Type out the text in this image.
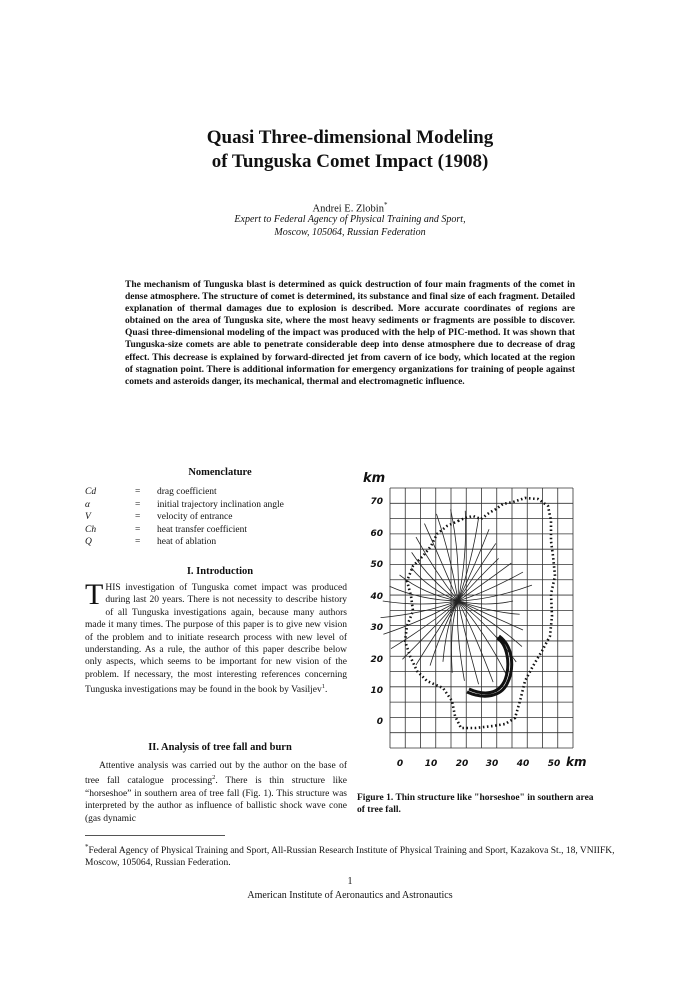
Quasi Three-dimensional Modeling
of Tunguska Comet Impact (1908)
Andrei E. Zlobin*
Expert to Federal Agency of Physical Training and Sport,
Moscow, 105064, Russian Federation
The mechanism of Tunguska blast is determined as quick destruction of four main fragments of the comet in dense atmosphere. The structure of comet is determined, its substance and final size of each fragment. Detailed explanation of thermal damages due to explosion is described. More accurate coordinates of regions are obtained on the area of Tunguska site, where the most heavy sediments or fragments are possible to discover. Quasi three-dimensional modeling of the impact was produced with the help of PIC-method. It was shown that Tunguska-size comets are able to penetrate considerable deep into dense atmosphere due to decrease of drag effect. This decrease is explained by forward-directed jet from cavern of ice body, which located at the region of stagnation point. There is additional information for emergency organizations for training of people against comets and asteroids danger, its mechanical, thermal and electromagnetic influence.
Nomenclature
Cd	=	drag coefficient
α	=	initial trajectory inclination angle
V	=	velocity of entrance
Ch	=	heat transfer coefficient
Q	=	heat of ablation
I. Introduction
THIS investigation of Tunguska comet impact was produced during last 20 years. There is not necessity to describe history of all Tunguska investigations again, because many authors made it many times. The purpose of this paper is to give new vision of the problem and to initiate research process with new level of understanding. As a rule, the author of this paper describe below only aspects, which seems to be important for new vision of the problem. If necessary, the most interesting references concerning Tunguska investigations may be found in the book by Vasiljev$^1$.
II. Analysis of tree fall and burn
Attentive analysis was carried out by the author on the base of tree fall catalogue processing$^2$. There is thin structure like “horseshoe” in southern area of tree fall (Fig. 1). This structure was interpreted by the author as influence of ballistic shock wave cone (gas dynamic
km
70
60
50
40
30
20
10
0
0 10 20 30 40 50 km
Figure 1. Thin structure like "horseshoe" in southern area of tree fall.
*Federal Agency of Physical Training and Sport, All-Russian Research Institute of Physical Training and Sport, Kazakova St., 18, VNIIFK, Moscow, 105064, Russian Federation.
1
American Institute of Aeronautics and Astronautics
